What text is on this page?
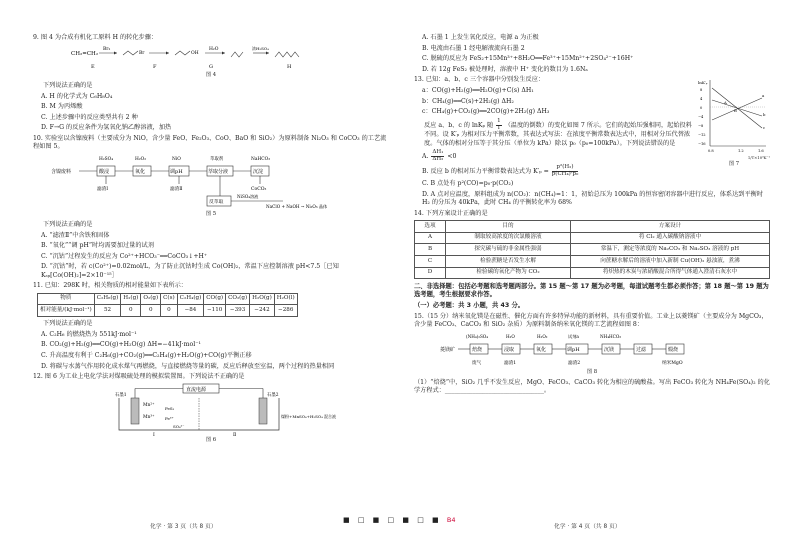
9. 图 4 为合成有机化工原料 H 的转化步骤：

CH₂=CH₂
Br₂
Br	OH
H₂O	浓H₂SO₄
E	F	G	H
图 4

下列说法正确的是

A. H 的化学式为 C₆H₈O₄

B. M 为丙烯酸

C. 上述步骤中的反应类型共有 2 种

D. F→G 的反应条件为氢氧化钠乙醇溶液，加热

10. 实验室以含镍废料（主要成分为 NiO，含少量 FeO、Fe₂O₃、CoO、BaO 和 SiO₂）为原料制备 Ni₂O₃ 和 CoCO₃ 的工艺流程如图 5。

含镍废料	酸浸	氧化	调pH	萃取分液	沉淀
H₂SO₄	H₂O₂	NiO	萃取剂	NaHCO₃
滤渣Ⅰ	滤渣Ⅱ	CoCO₃
反萃取
NiSO₄溶液
NaClO + NaOH → Ni₂O₃ 晶体
图 5

下列说法正确的是

A. “滤渣Ⅱ”中含铁和固体

B. “氧化”“调 pH”时均需要加过量的试剂

C. “沉钴”过程发生的反应为 Co²⁺+HCO₃⁻══CoCO₃↓+H⁺

D. “沉钴”时，若 c(Co²⁺)=0.02mol/L，为了防止沉钴时生成 Co(OH)₂，常温下应控制溶液 pH<7.5［已知 Kₛₚ[Co(OH)₂]=2×10⁻¹⁵］

11. 已知：298K 时，相关物质的相对能量如下表所示：

物质	C₂H₆(g)	H₂(g)	O₂(g)	C(s)	C₂H₄(g)	CO(g)	CO₂(g)	H₂O(g)	H₂O(l)
相对能量/(kJ·mol⁻¹)	52	0	0	0	−84	−110	−393	−242	−286

下列说法正确的是

A. C₂H₆ 的燃烧热为 551kJ·mol⁻¹

B. CO₂(g)+H₂(g)══CO(g)+H₂O(g) ΔH=−41kJ·mol⁻¹

C. 升高温度有利于 C₂H₆(g)+CO₂(g)══C₂H₄(g)+H₂O(g)+CO(g)平衡正移

D. 将碳与水蒸气作用转化成水煤气再燃烧，与直接燃烧等量的碳，反应后释放至室温，两个过程的热量相同

12. 图 6 为工业上电化学法对煤吸硫处理的模拟装置图。下列说法不正确的是

直流电源
石墨1	石墨2
Mn²⁺
Mn³⁺
FeS₂
Fe³⁺
SO₄²⁻
Ⅰ	Ⅱ
煤粉+MnSO₄+H₂SO₄ 混合液
图 6
化学 · 第 3 页（共 8 页）
■ □ ■ □ ■ □ ■ B4

A. 石墨 1 上发生氧化反应，电源 a 为正极

B. 电流由石墨 1 经电解液流向石墨 2

C. 脱硫的反应为 FeS₂+15Mn³⁺+8H₂O══Fe³⁺+15Mn²⁺+2SO₄²⁻+16H⁺

D. 若 12g FeS₂ 被处理时，溶液中 H⁺ 变化的数目为 1.6Nₐ

13. 已知：a、b、c 三个容器中分别发生反应：

a：CO(g)+H₂(g)══H₂O(g)+C(s) ΔH₁

b：CH₄(g)══C(s)+2H₂(g) ΔH₂

c：CH₄(g)+CO₂(g)══2CO(g)+2H₂(g) ΔH₃

反应 a、b、c 的 lnKₚ 随 $\frac{1}{T}$ （温度的倒数）的变化如图 7 所示。它们的起始压强相同，起始投料不同。设 K′ₚ 为相对压力平衡常数，其表达式写法：在浓度平衡常数表达式中，用相对分压代替浓度。气体的相对分压等于其分压（单位为 kPa）除以 p₀（p₀=100kPa）。下列说法错误的是

lnK′ₚ
8
4
0
−4
−8
−12
−16
a
b
c
A
B
0.8	1.2	1.6
1/T×10³K⁻¹
图 7

A. $\frac{\text{ΔH₁}}{\text{ΔH₂}} <0$

B. 反应 b 的相对压力平衡常数表达式为 $K'_p = \frac{\text{p²(H₂)}}{\text{p(CH₄)·p₀}}$

C. B 点处有 p²(CO)=p₀·p(CO₂)

D. A 点对应温度，原料组成为 n(CO₂)：n(CH₄)=1：1，初始总压为 100kPa 的恒容密闭容器中进行反应，体系达到平衡时 H₂ 的分压为 40kPa，此时 CH₄ 的平衡转化率为 68%

14. 下列方案设计正确的是

选项	目的	方案设计
A	制取较高浓度的次氯酸溶液	将 Cl₂ 通入碳酸钠溶液中
B	探究碳与硫的非金属性强弱	常温下，测定等浓度的 Na₂CO₃ 和 Na₂SO₃ 溶液的 pH
C	检验蔗糖是否发生水解	向蔗糖水解后的溶液中加入新制 Cu(OH)₂ 悬浊液，煮沸
D	检验碳的氧化产物为 CO₂	将炽热的木炭与浓硝酸混合所得气体通入澄清石灰水中

二、非选择题：包括必考题和选考题两部分。第 15 题～第 17 题为必考题，每道试题考生都必须作答；第 18 题～第 19 题为选考题，考生根据要求作答。

（一）必考题：共 3 小题，共 43 分。

15.（15 分）纳米氧化镁是在磁性、催化方面有许多特异功能的新材料，具有重要价值。工业上以菱镁矿（主要成分为 MgCO₃，含少量 FeCO₃、CaCO₃ 和 SiO₂ 杂质）为原料制备纳米氧化镁的工艺流程如图 8：

菱镁矿	焙烧	浸取	氧化	调pH	沉镁	过滤	煅烧
(NH₄)₂SO₄	H₂O	H₂O₂	试剂a	NH₄HCO₃
废气	滤渣1	滤渣2	纳米MgO
图 8

（1）“焙烧”中，SiO₂ 几乎不发生反应，MgO、FeCO₃、CaCO₃ 转化为相应的硫酸盐。写出 FeCO₃ 转化为 NH₄Fe(SO₄)₂ 的化学方程式：________________________________。

化学 · 第 4 页（共 8 页）
